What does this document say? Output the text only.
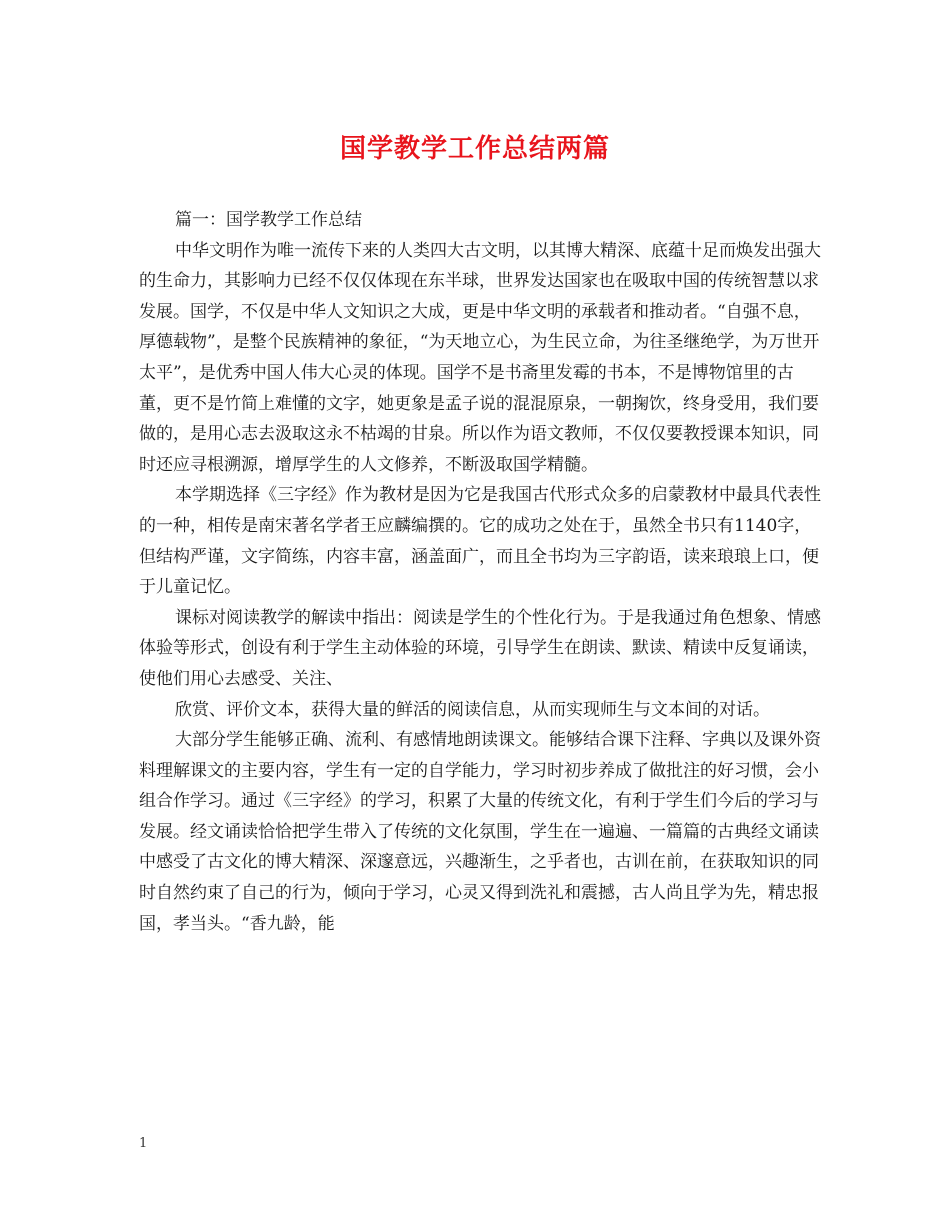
国学教学工作总结两篇

篇一：国学教学工作总结

中华文明作为唯一流传下来的人类四大古文明，以其博大精深、底蕴十足而焕发出强大的生命力，其影响力已经不仅仅体现在东半球，世界发达国家也在吸取中国的传统智慧以求发展。国学，不仅是中华人文知识之大成，更是中华文明的承载者和推动者。“自强不息，厚德载物”，是整个民族精神的象征，“为天地立心，为生民立命，为往圣继绝学，为万世开太平”，是优秀中国人伟大心灵的体现。国学不是书斋里发霉的书本，不是博物馆里的古董，更不是竹简上难懂的文字，她更象是孟子说的混混原泉，一朝掬饮，终身受用，我们要做的，是用心志去汲取这永不枯竭的甘泉。所以作为语文教师，不仅仅要教授课本知识，同时还应寻根溯源，增厚学生的人文修养，不断汲取国学精髓。

本学期选择《三字经》作为教材是因为它是我国古代形式众多的启蒙教材中最具代表性的一种，相传是南宋著名学者王应麟编撰的。它的成功之处在于，虽然全书只有1140字，但结构严谨，文字简练，内容丰富，涵盖面广，而且全书均为三字韵语，读来琅琅上口，便于儿童记忆。

课标对阅读教学的解读中指出：阅读是学生的个性化行为。于是我通过角色想象、情感体验等形式，创设有利于学生主动体验的环境，引导学生在朗读、默读、精读中反复诵读，使他们用心去感受、关注、

欣赏、评价文本，获得大量的鲜活的阅读信息，从而实现师生与文本间的对话。

大部分学生能够正确、流利、有感情地朗读课文。能够结合课下注释、字典以及课外资料理解课文的主要内容，学生有一定的自学能力，学习时初步养成了做批注的好习惯，会小组合作学习。通过《三字经》的学习，积累了大量的传统文化，有利于学生们今后的学习与发展。经文诵读恰恰把学生带入了传统的文化氛围，学生在一遍遍、一篇篇的古典经文诵读中感受了古文化的博大精深、深邃意远，兴趣渐生，之乎者也，古训在前，在获取知识的同时自然约束了自己的行为，倾向于学习，心灵又得到洗礼和震撼，古人尚且学为先，精忠报国，孝当头。“香九龄，能

1
